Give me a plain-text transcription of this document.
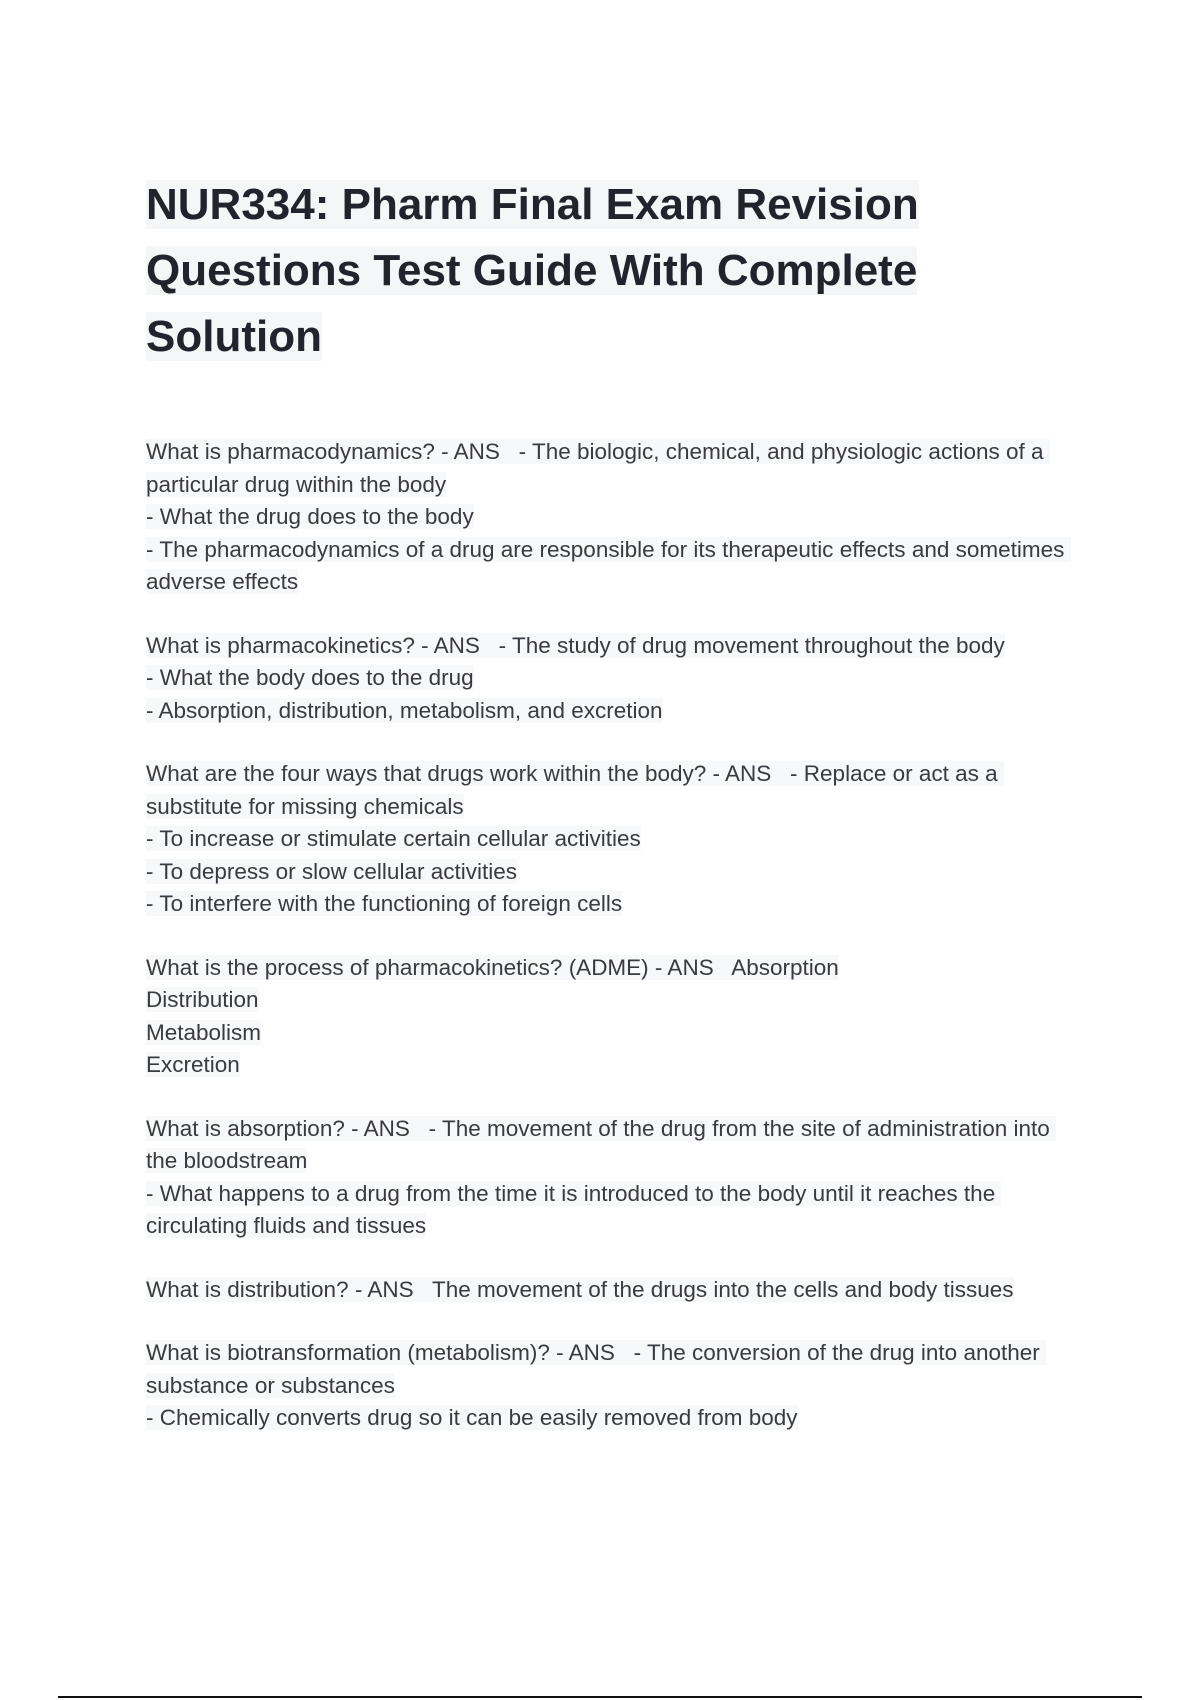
NUR334: Pharm Final Exam Revision Questions Test Guide With Complete Solution
What is pharmacodynamics? - ANS   - The biologic, chemical, and physiologic actions of a particular drug within the body
- What the drug does to the body
- The pharmacodynamics of a drug are responsible for its therapeutic effects and sometimes adverse effects
What is pharmacokinetics? - ANS   - The study of drug movement throughout the body
- What the body does to the drug
- Absorption, distribution, metabolism, and excretion
What are the four ways that drugs work within the body? - ANS   - Replace or act as a substitute for missing chemicals
- To increase or stimulate certain cellular activities
- To depress or slow cellular activities
- To interfere with the functioning of foreign cells
What is the process of pharmacokinetics? (ADME) - ANS   Absorption
Distribution
Metabolism
Excretion
What is absorption? - ANS   - The movement of the drug from the site of administration into the bloodstream
- What happens to a drug from the time it is introduced to the body until it reaches the circulating fluids and tissues
What is distribution? - ANS   The movement of the drugs into the cells and body tissues
What is biotransformation (metabolism)? - ANS   - The conversion of the drug into another substance or substances
- Chemically converts drug so it can be easily removed from body
